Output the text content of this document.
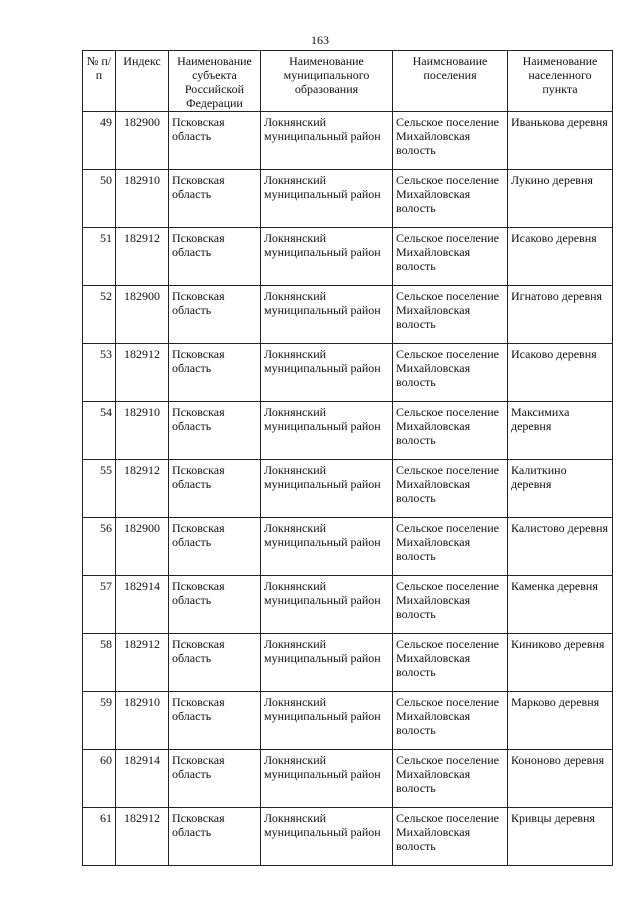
163
№ п/п	Индекс	Наименование субъекта Российской Федерации	Наименование муниципального образования	Наимсноваиие поселения	Наименование населенного пункта
49	182900	Псковская область	Локнянский муниципальный район	Сельское поселение Михайловская волость	Иванькова деревня
50	182910	Псковская область	Локнянский муниципальный район	Сельское поселение Михайловская волость	Лукино деревня
51	182912	Псковская область	Локнянский муниципальный район	Сельское поселение Михайловская волость	Исаково деревня
52	182900	Псковская область	Локнянский муниципальный район	Сельское поселение Михайловская волость	Игнатово деревня
53	182912	Псковская область	Локнянский муниципальный район	Сельское поселение Михайловская волость	Исаково деревня
54	182910	Псковская область	Локнянский муниципальный район	Сельское поселение Михайловская волость	Максимиха деревня
55	182912	Псковская область	Локнянский муниципальный район	Сельское поселение Михайловская волость	Калиткино деревня
56	182900	Псковская область	Локнянский муниципальный район	Сельское поселение Михайловская волость	Калистово деревня
57	182914	Псковская область	Локнянский муниципальный район	Сельское поселение Михайловская волость	Каменка деревня
58	182912	Псковская область	Локнянский муниципальный район	Сельское поселение Михайловская волость	Киниково деревня
59	182910	Псковская область	Локнянский муниципальный район	Сельское поселение Михайловская волость	Марково деревня
60	182914	Псковская область	Локнянский муниципальный район	Сельское поселение Михайловская волость	Кононово деревня
61	182912	Псковская область	Локнянский муниципальный район	Сельское поселение Михайловская волость	Кривцы деревня
